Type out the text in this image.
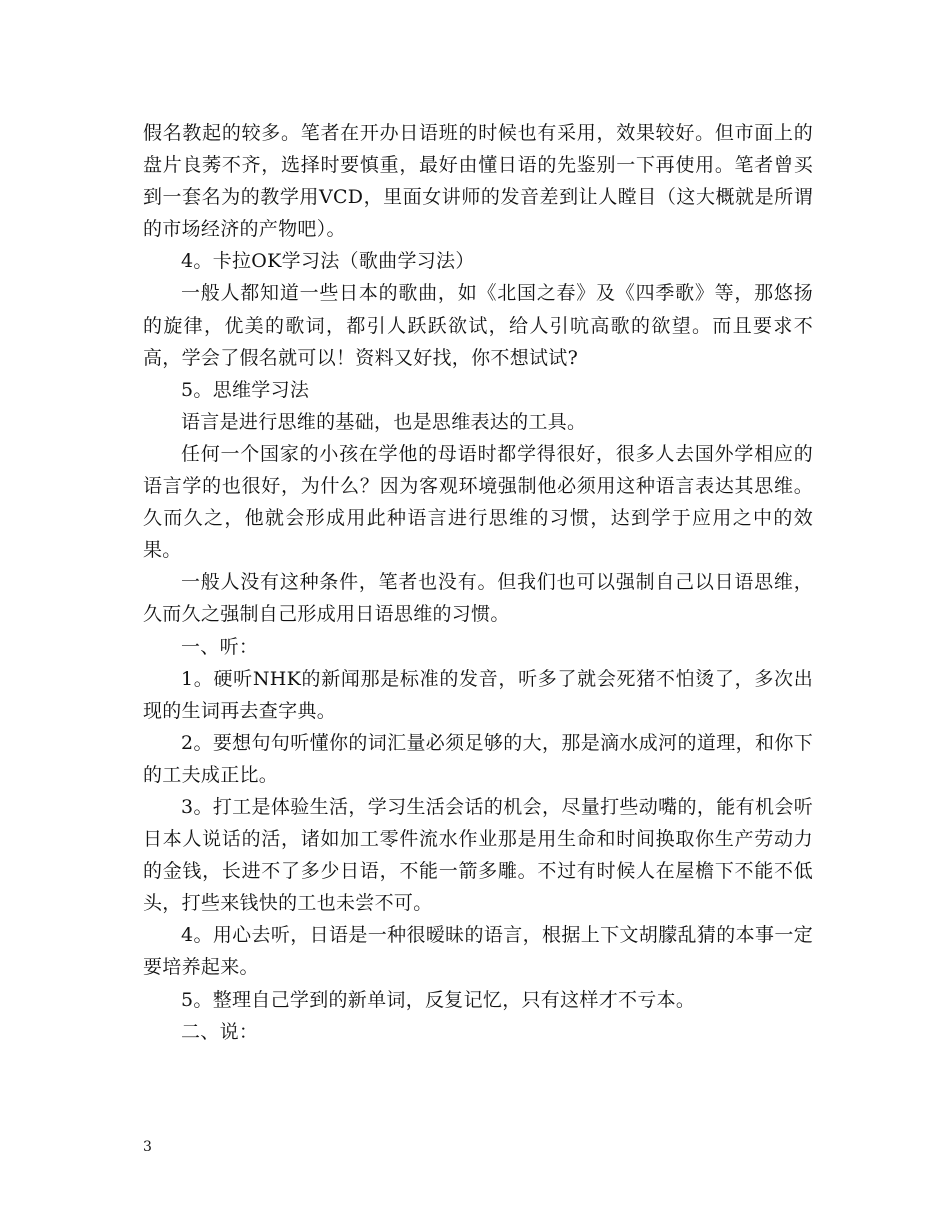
假名教起的较多。笔者在开办日语班的时候也有采用，效果较好。但市面上的盘片良莠不齐，选择时要慎重，最好由懂日语的先鉴别一下再使用。笔者曾买到一套名为的教学用VCD，里面女讲师的发音差到让人瞠目（这大概就是所谓的市场经济的产物吧）。

4。卡拉OK学习法（歌曲学习法）

一般人都知道一些日本的歌曲，如《北国之春》及《四季歌》等，那悠扬的旋律，优美的歌词，都引人跃跃欲试，给人引吭高歌的欲望。而且要求不高，学会了假名就可以！资料又好找，你不想试试?

5。思维学习法

语言是进行思维的基础，也是思维表达的工具。

任何一个国家的小孩在学他的母语时都学得很好，很多人去国外学相应的语言学的也很好，为什么？因为客观环境强制他必须用这种语言表达其思维。久而久之，他就会形成用此种语言进行思维的习惯，达到学于应用之中的效果。

一般人没有这种条件，笔者也没有。但我们也可以强制自己以日语思维，久而久之强制自己形成用日语思维的习惯。

一、听：

1。硬听NHK的新闻那是标准的发音，听多了就会死猪不怕烫了，多次出现的生词再去查字典。

2。要想句句听懂你的词汇量必须足够的大，那是滴水成河的道理，和你下的工夫成正比。

3。打工是体验生活，学习生活会话的机会，尽量打些动嘴的，能有机会听日本人说话的活，诸如加工零件流水作业那是用生命和时间换取你生产劳动力的金钱，长进不了多少日语，不能一箭多雕。不过有时候人在屋檐下不能不低头，打些来钱快的工也未尝不可。

4。用心去听，日语是一种很暧昧的语言，根据上下文胡朦乱猜的本事一定要培养起来。

5。整理自己学到的新单词，反复记忆，只有这样才不亏本。

二、说：

3
